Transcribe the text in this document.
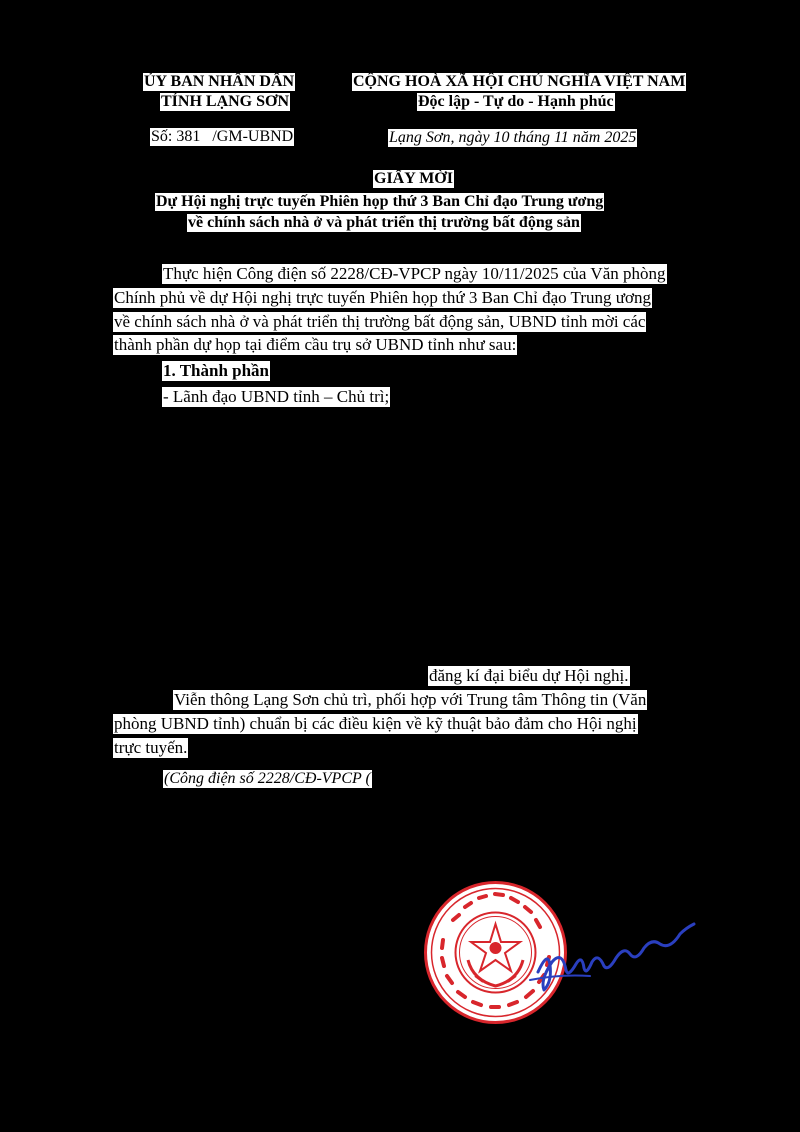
ỦY BAN NHÂN DÂN
TỈNH LẠNG SƠN
CỘNG HOÀ XÃ HỘI CHỦ NGHĨA VIỆT NAM
Độc lập - Tự do - Hạnh phúc
Số: 381   /GM-UBND	Lạng Sơn, ngày 10 tháng 11 năm 2025
GIẤY MỜI
Dự Hội nghị trực tuyến Phiên họp thứ 3 Ban Chỉ đạo Trung ương
về chính sách nhà ở và phát triển thị trường bất động sản
Thực hiện Công điện số 2228/CĐ-VPCP ngày 10/11/2025 của Văn phòng
Chính phủ về dự Hội nghị trực tuyến Phiên họp thứ 3 Ban Chỉ đạo Trung ương
về chính sách nhà ở và phát triển thị trường bất động sản, UBND tỉnh mời các
thành phần dự họp tại điểm cầu trụ sở UBND tỉnh như sau:
1. Thành phần
- Lãnh đạo UBND tỉnh – Chủ trì;
đăng kí đại biểu dự Hội nghị.
Viễn thông Lạng Sơn chủ trì, phối hợp với Trung tâm Thông tin (Văn
phòng UBND tỉnh) chuẩn bị các điều kiện về kỹ thuật bảo đảm cho Hội nghị
trực tuyến.
(Công điện số 2228/CĐ-VPCP (
